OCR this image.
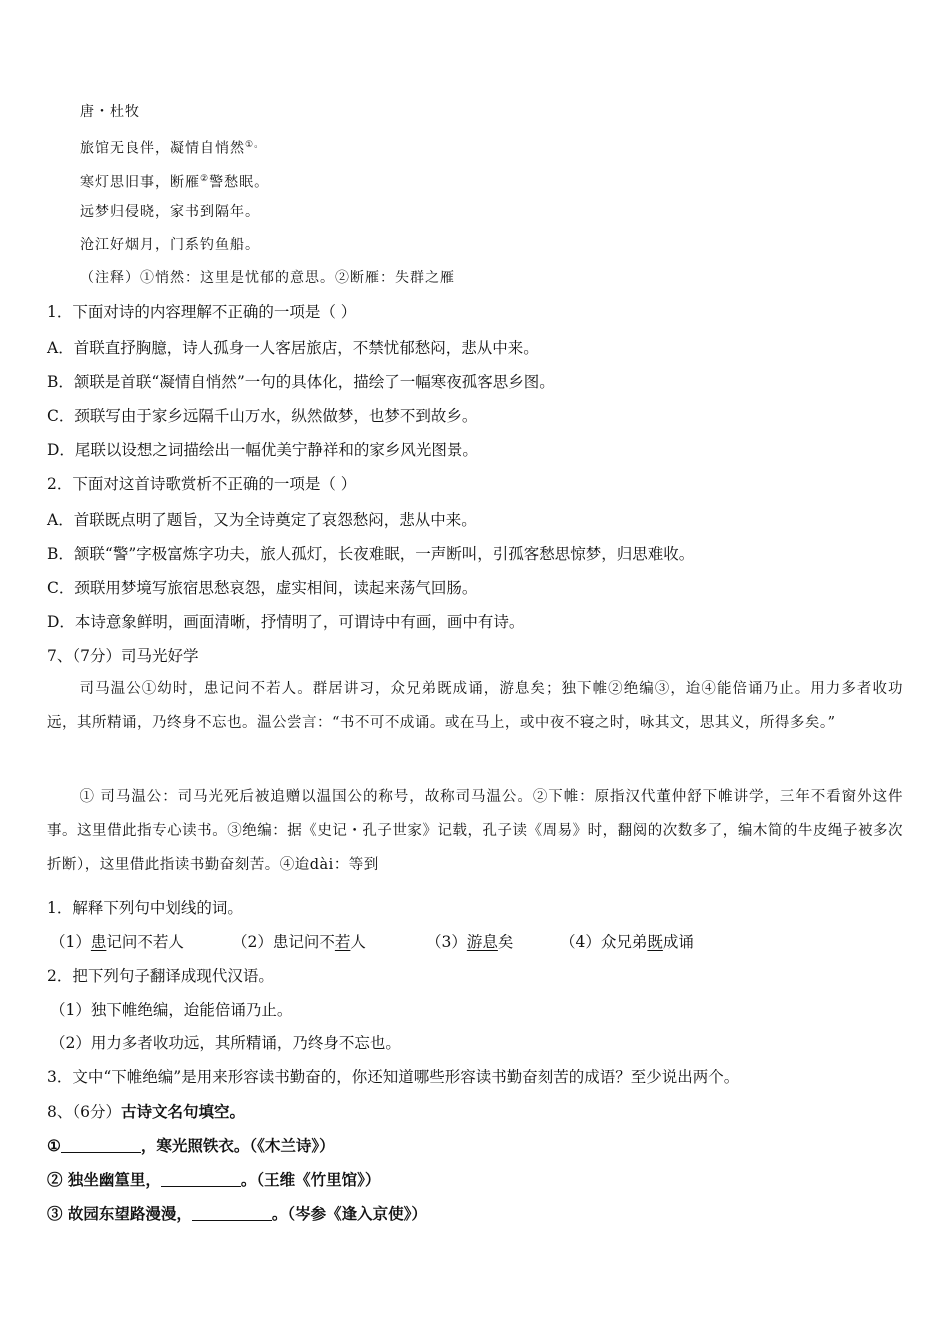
唐・杜牧
旅馆无良伴，凝情自悄然①。
寒灯思旧事，断雁②警愁眠。
远梦归侵晓，家书到隔年。
沧江好烟月，门系钓鱼船。
（注释）①悄然：这里是忧郁的意思。②断雁：失群之雁
1．下面对诗的内容理解不正确的一项是（ ）
A．首联直抒胸臆，诗人孤身一人客居旅店，不禁忧郁愁闷，悲从中来。
B．颔联是首联“凝情自悄然”一句的具体化，描绘了一幅寒夜孤客思乡图。
C．颈联写由于家乡远隔千山万水，纵然做梦，也梦不到故乡。
D．尾联以设想之词描绘出一幅优美宁静祥和的家乡风光图景。
2．下面对这首诗歌赏析不正确的一项是（ ）
A．首联既点明了题旨，又为全诗奠定了哀怨愁闷，悲从中来。
B．颔联“警”字极富炼字功夫，旅人孤灯，长夜难眠，一声断叫，引孤客愁思惊梦，归思难收。
C．颈联用梦境写旅宿思愁哀怨，虚实相间，读起来荡气回肠。
D．本诗意象鲜明，画面清晰，抒情明了，可谓诗中有画，画中有诗。
7、（7分）司马光好学
司马温公①幼时，患记问不若人。群居讲习，众兄弟既成诵，游息矣；独下帷②绝编③，迨④能倍诵乃止。用力多者收功远，其所精诵，乃终身不忘也。温公尝言：“书不可不成诵。或在马上，或中夜不寝之时，咏其文，思其义，所得多矣。”
① 司马温公：司马光死后被追赠以温国公的称号，故称司马温公。②下帷：原指汉代董仲舒下帷讲学，三年不看窗外这件事。这里借此指专心读书。③绝编：据《史记・孔子世家》记载，孔子读《周易》时，翻阅的次数多了，编木简的牛皮绳子被多次折断），这里借此指读书勤奋刻苦。④迨dài：等到
1．解释下列句中划线的词。
（1）患记问不若人	（2）患记问不若人	（3）游息矣	（4）众兄弟既成诵
2．把下列句子翻译成现代汉语。
（1）独下帷绝编，迨能倍诵乃止。
（2）用力多者收功远，其所精诵，乃终身不忘也。
3．文中“下帷绝编”是用来形容读书勤奋的，你还知道哪些形容读书勤奋刻苦的成语？至少说出两个。
8、（6分）古诗文名句填空。
①	，寒光照铁衣。（《木兰诗》）
② 独坐幽篁里，	。（王维《竹里馆》）
③ 故园东望路漫漫，	。（岑参《逢入京使》）
